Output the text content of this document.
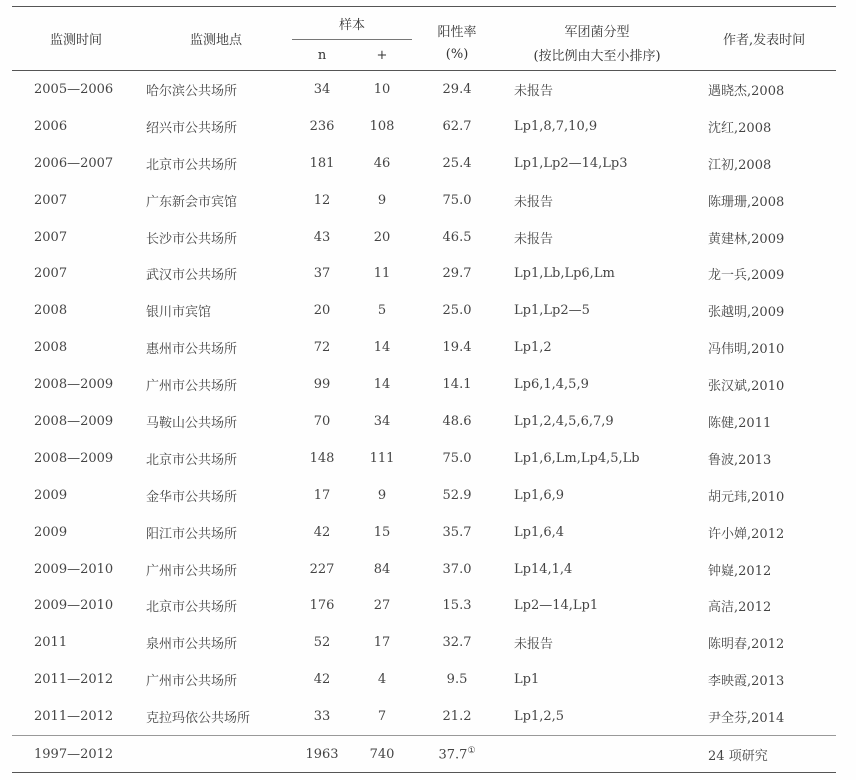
监测时间	监测地点	样本		阳性率	军团菌分型	作者,发表时间
		n	+	(%)	(按比例由大至小排序)	
2005—2006	哈尔滨公共场所	34	10	29.4	未报告	遇晓杰,2008
2006	绍兴市公共场所	236	108	62.7	Lp1,8,7,10,9	沈红,2008
2006—2007	北京市公共场所	181	46	25.4	Lp1,Lp2—14,Lp3	江初,2008
2007	广东新会市宾馆	12	9	75.0	未报告	陈珊珊,2008
2007	长沙市公共场所	43	20	46.5	未报告	黄建林,2009
2007	武汉市公共场所	37	11	29.7	Lp1,Lb,Lp6,Lm	龙一兵,2009
2008	银川市宾馆	20	5	25.0	Lp1,Lp2—5	张越明,2009
2008	惠州市公共场所	72	14	19.4	Lp1,2	冯伟明,2010
2008—2009	广州市公共场所	99	14	14.1	Lp6,1,4,5,9	张汉斌,2010
2008—2009	马鞍山公共场所	70	34	48.6	Lp1,2,4,5,6,7,9	陈健,2011
2008—2009	北京市公共场所	148	111	75.0	Lp1,6,Lm,Lp4,5,Lb	鲁波,2013
2009	金华市公共场所	17	9	52.9	Lp1,6,9	胡元玮,2010
2009	阳江市公共场所	42	15	35.7	Lp1,6,4	许小婵,2012
2009—2010	广州市公共场所	227	84	37.0	Lp14,1,4	钟嶷,2012
2009—2010	北京市公共场所	176	27	15.3	Lp2—14,Lp1	高洁,2012
2011	泉州市公共场所	52	17	32.7	未报告	陈明春,2012
2011—2012	广州市公共场所	42	4	9.5	Lp1	李映霞,2013
2011—2012	克拉玛依公共场所	33	7	21.2	Lp1,2,5	尹全芬,2014
1997—2012		1963	740	37.7①		24 项研究
